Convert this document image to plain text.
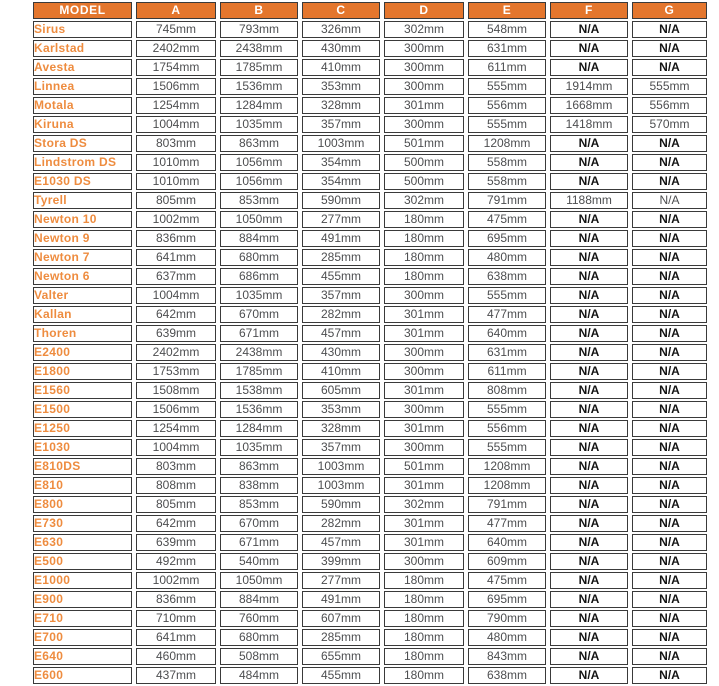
MODEL	A	B	C	D	E	F	G
Sirus	745mm	793mm	326mm	302mm	548mm	N/A	N/A
Karlstad	2402mm	2438mm	430mm	300mm	631mm	N/A	N/A
Avesta	1754mm	1785mm	410mm	300mm	611mm	N/A	N/A
Linnea	1506mm	1536mm	353mm	300mm	555mm	1914mm	555mm
Motala	1254mm	1284mm	328mm	301mm	556mm	1668mm	556mm
Kiruna	1004mm	1035mm	357mm	300mm	555mm	1418mm	570mm
Stora DS	803mm	863mm	1003mm	501mm	1208mm	N/A	N/A
Lindstrom DS	1010mm	1056mm	354mm	500mm	558mm	N/A	N/A
E1030 DS	1010mm	1056mm	354mm	500mm	558mm	N/A	N/A
Tyrell	805mm	853mm	590mm	302mm	791mm	1188mm	N/A
Newton 10	1002mm	1050mm	277mm	180mm	475mm	N/A	N/A
Newton 9	836mm	884mm	491mm	180mm	695mm	N/A	N/A
Newton 7	641mm	680mm	285mm	180mm	480mm	N/A	N/A
Newton 6	637mm	686mm	455mm	180mm	638mm	N/A	N/A
Valter	1004mm	1035mm	357mm	300mm	555mm	N/A	N/A
Kallan	642mm	670mm	282mm	301mm	477mm	N/A	N/A
Thoren	639mm	671mm	457mm	301mm	640mm	N/A	N/A
E2400	2402mm	2438mm	430mm	300mm	631mm	N/A	N/A
E1800	1753mm	1785mm	410mm	300mm	611mm	N/A	N/A
E1560	1508mm	1538mm	605mm	301mm	808mm	N/A	N/A
E1500	1506mm	1536mm	353mm	300mm	555mm	N/A	N/A
E1250	1254mm	1284mm	328mm	301mm	556mm	N/A	N/A
E1030	1004mm	1035mm	357mm	300mm	555mm	N/A	N/A
E810DS	803mm	863mm	1003mm	501mm	1208mm	N/A	N/A
E810	808mm	838mm	1003mm	301mm	1208mm	N/A	N/A
E800	805mm	853mm	590mm	302mm	791mm	N/A	N/A
E730	642mm	670mm	282mm	301mm	477mm	N/A	N/A
E630	639mm	671mm	457mm	301mm	640mm	N/A	N/A
E500	492mm	540mm	399mm	300mm	609mm	N/A	N/A
E1000	1002mm	1050mm	277mm	180mm	475mm	N/A	N/A
E900	836mm	884mm	491mm	180mm	695mm	N/A	N/A
E710	710mm	760mm	607mm	180mm	790mm	N/A	N/A
E700	641mm	680mm	285mm	180mm	480mm	N/A	N/A
E640	460mm	508mm	655mm	180mm	843mm	N/A	N/A
E600	437mm	484mm	455mm	180mm	638mm	N/A	N/A
